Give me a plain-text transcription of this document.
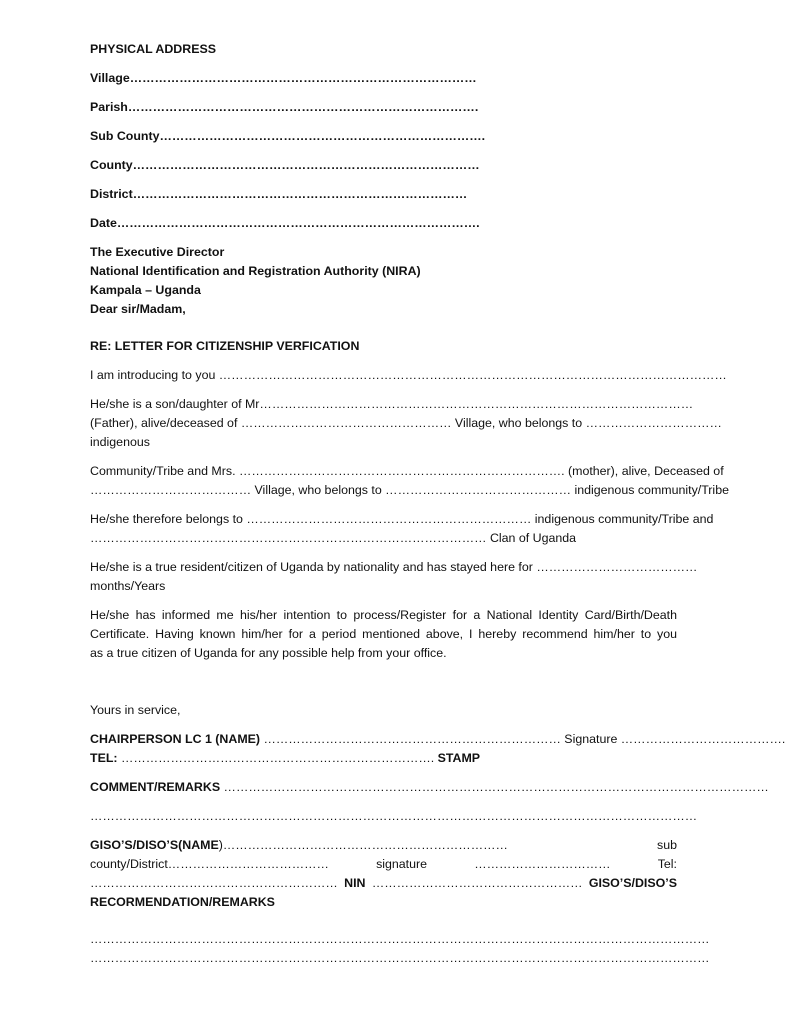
PHYSICAL ADDRESS

Village…………………………………………………………………………

Parish………………………………………………………………………….

Sub County…………………………………………………………………….

County…………………………………………………………………………

District………………………………………………………………………

Date…………………………………………………………………………….

The Executive Director

National Identification and Registration Authority (NIRA)

Kampala – Uganda

Dear sir/Madam,

RE: LETTER FOR CITIZENSHIP VERFICATION

I am introducing to you ……………………………………………………………………………………………………………

He/she is a son/daughter of Mr……………………………………………………………………………………………
(Father), alive/deceased of …………………………………………… Village, who belongs to ……………………………
indigenous
Community/Tribe and Mrs. ……………………………………………………………………. (mother), alive, Deceased of
………………………………… Village, who belongs to ……………………………………… indigenous community/Tribe
He/she therefore belongs to …………………………………………………………… indigenous community/Tribe and
…………………………………………………………………………………… Clan of Uganda
He/she is a true resident/citizen of Uganda by nationality and has stayed here for …………………………………
months/Years
He/she has informed me his/her intention to process/Register for a National Identity Card/Birth/Death
Certificate. Having known him/her for a period mentioned above, I hereby recommend him/her to you
as a true citizen of Uganda for any possible help from your office.

Yours in service,

CHAIRPERSON LC 1 (NAME) ……………………………………………………………… Signature ………………………………….
TEL: …………………………………………………………………. STAMP
COMMENT/REMARKS ……………………………………………………………………………………………………………………
…………………………………………………………………………………………………………………………………
GISO’S/DISO’S(NAME)……………………………………………………………	sub
county/District…………………………………	signature	……………………………	Tel:
…………………………………………………… NIN …………………………………………… GISO’S/DISO’S
RECORMENDATION/REMARKS
……………………………………………………………………………………………………………………………………
……………………………………………………………………………………………………………………………………
